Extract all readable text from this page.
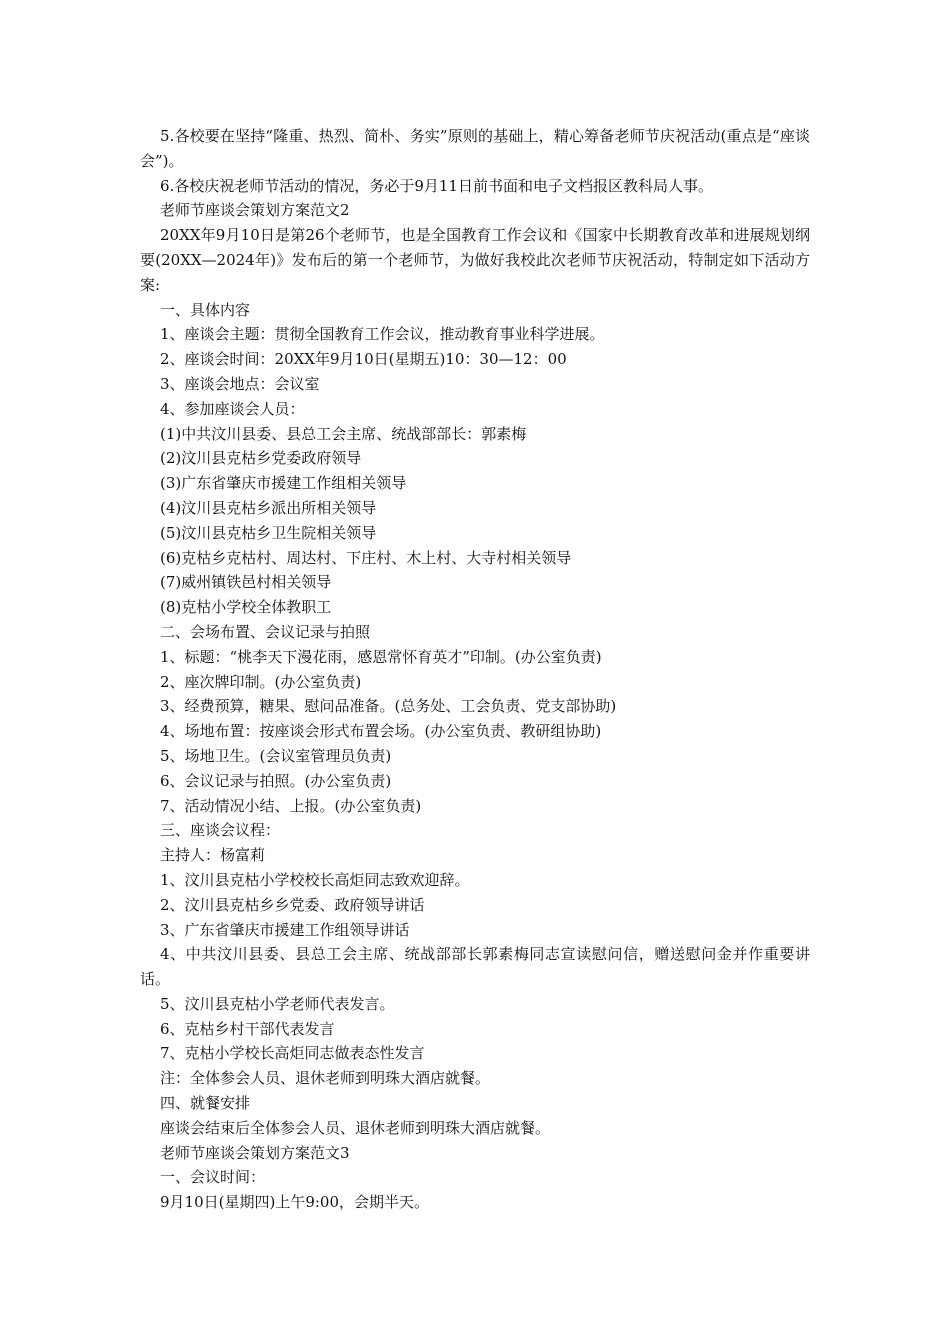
5.各校要在坚持“隆重、热烈、简朴、务实”原则的基础上，精心筹备老师节庆祝活动(重点是“座谈会”)。

6.各校庆祝老师节活动的情况，务必于9月11日前书面和电子文档报区教科局人事。

老师节座谈会策划方案范文2

20XX年9月10日是第26个老师节，也是全国教育工作会议和《国家中长期教育改革和进展规划纲要(20XX—2024年)》发布后的第一个老师节，为做好我校此次老师节庆祝活动，特制定如下活动方案:

一、具体内容

1、座谈会主题：贯彻全国教育工作会议，推动教育事业科学进展。

2、座谈会时间：20XX年9月10日(星期五)10：30—12：00

3、座谈会地点：会议室

4、参加座谈会人员：

(1)中共汶川县委、县总工会主席、统战部部长：郭素梅

(2)汶川县克枯乡党委政府领导

(3)广东省肇庆市援建工作组相关领导

(4)汶川县克枯乡派出所相关领导

(5)汶川县克枯乡卫生院相关领导

(6)克枯乡克枯村、周达村、下庄村、木上村、大寺村相关领导

(7)威州镇铁邑村相关领导

(8)克枯小学校全体教职工

二、会场布置、会议记录与拍照

1、标题：“桃李天下漫花雨，感恩常怀育英才”印制。(办公室负责)

2、座次牌印制。(办公室负责)

3、经费预算，糖果、慰问品准备。(总务处、工会负责、党支部协助)

4、场地布置：按座谈会形式布置会场。(办公室负责、教研组协助)

5、场地卫生。(会议室管理员负责)

6、会议记录与拍照。(办公室负责)

7、活动情况小结、上报。(办公室负责)

三、座谈会议程：

主持人：杨富莉

1、汶川县克枯小学校校长高炬同志致欢迎辞。

2、汶川县克枯乡乡党委、政府领导讲话

3、广东省肇庆市援建工作组领导讲话

4、中共汶川县委、县总工会主席、统战部部长郭素梅同志宣读慰问信，赠送慰问金并作重要讲话。

5、汶川县克枯小学老师代表发言。

6、克枯乡村干部代表发言

7、克枯小学校长高炬同志做表态性发言

注：全体参会人员、退休老师到明珠大酒店就餐。

四、就餐安排

座谈会结束后全体参会人员、退休老师到明珠大酒店就餐。

老师节座谈会策划方案范文3

一、会议时间：

9月10日(星期四)上午9:00，会期半天。
